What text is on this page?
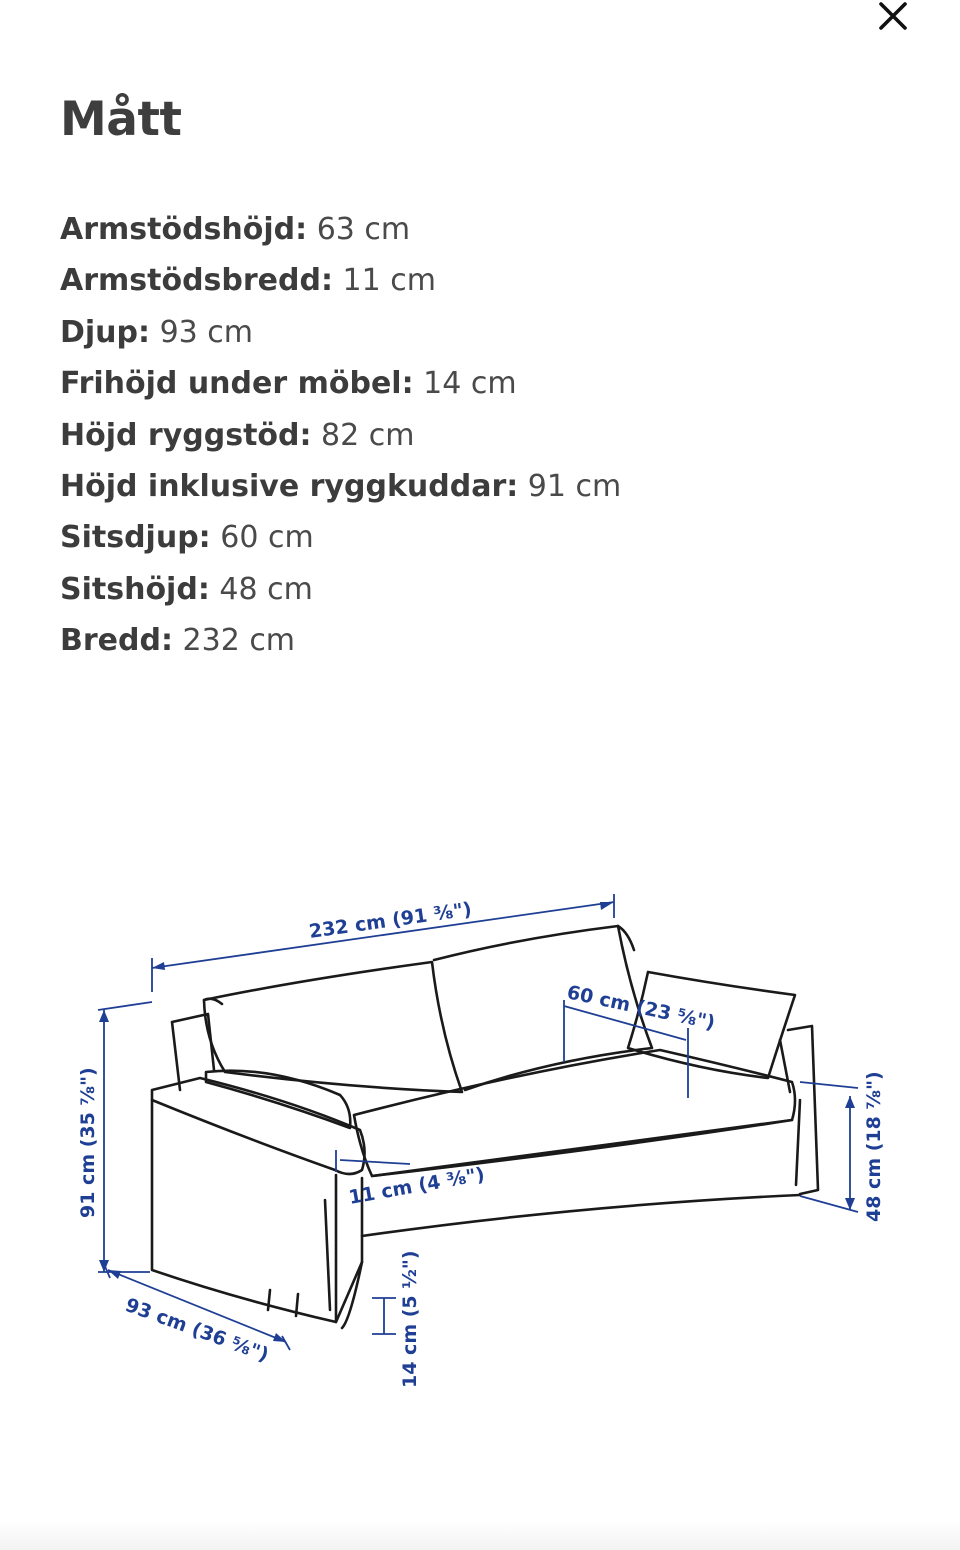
Mått
Armstödshöjd: 63 cm
Armstödsbredd: 11 cm
Djup: 93 cm
Frihöjd under möbel: 14 cm
Höjd ryggstöd: 82 cm
Höjd inklusive ryggkuddar: 91 cm
Sitsdjup: 60 cm
Sitshöjd: 48 cm
Bredd: 232 cm
232 cm (91 ⅜")
60 cm (23 ⅝")
91 cm (35 ⅞")	48 cm (18 ⅞")
11 cm (4 ⅜")
93 cm (36 ⅝")	14 cm (5 ½")
